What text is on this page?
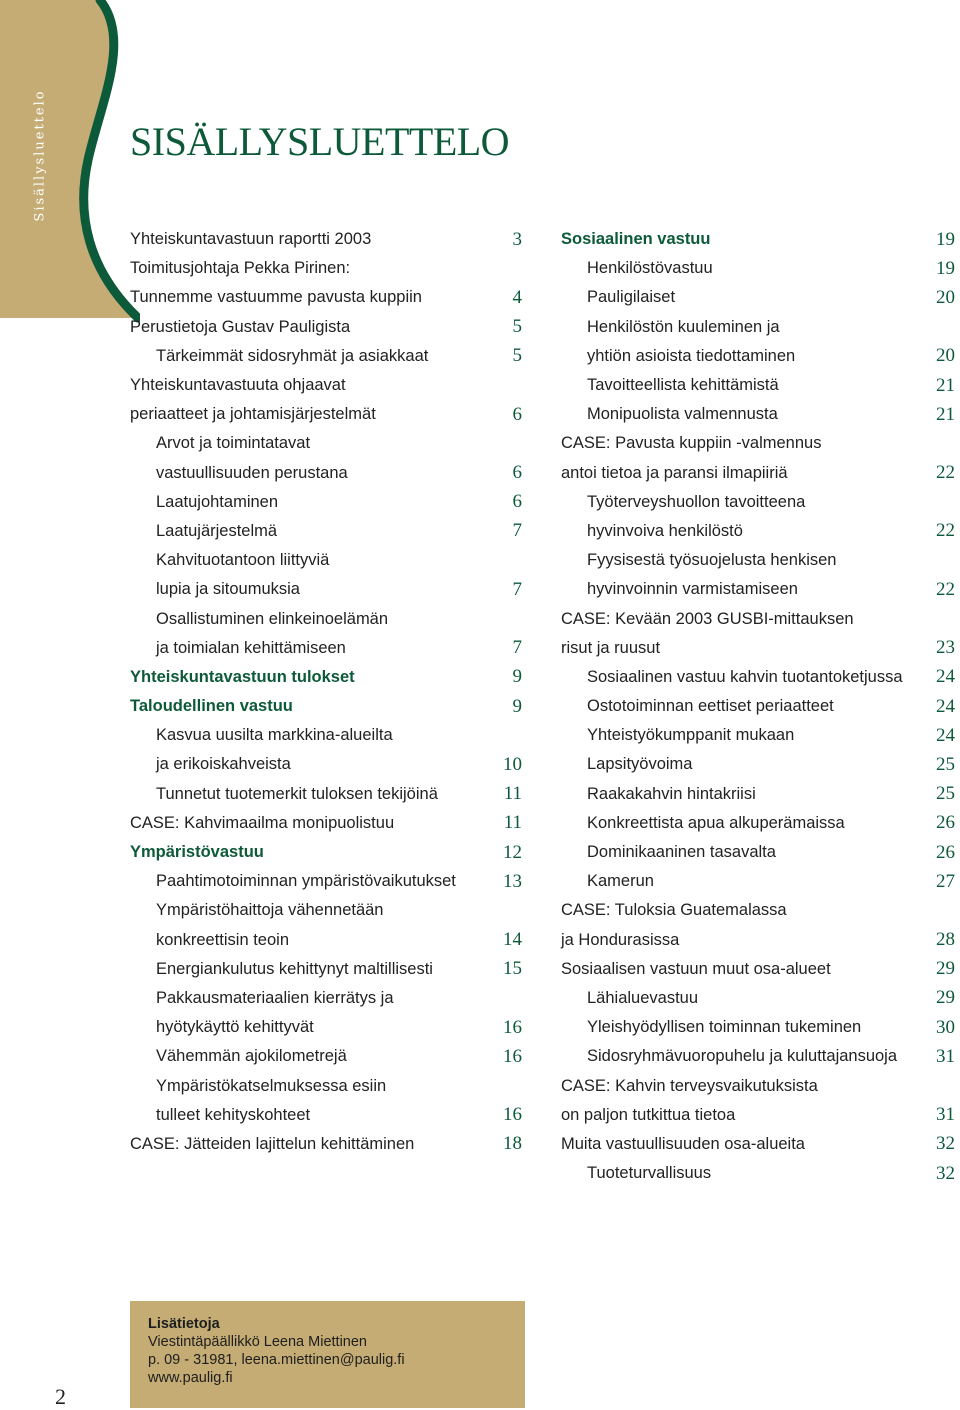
Sisällysluettelo SISÄLLYSLUETTELO
Yhteiskuntavastuun raportti 2003	3
Toimitusjohtaja Pekka Pirinen:
Tunnemme vastuumme pavusta kuppiin	4
Perustietoja Gustav Pauligista	5
Tärkeimmät sidosryhmät ja asiakkaat	5
Yhteiskuntavastuuta ohjaavat
periaatteet ja johtamisjärjestelmät	6
Arvot ja toimintatavat
vastuullisuuden perustana	6
Laatujohtaminen	6
Laatujärjestelmä	7
Kahvituotantoon liittyviä
lupia ja sitoumuksia	7
Osallistuminen elinkeinoelämän
ja toimialan kehittämiseen	7
Yhteiskuntavastuun tulokset	9
Taloudellinen vastuu	9
Kasvua uusilta markkina-alueilta
ja erikoiskahveista	10
Tunnetut tuotemerkit tuloksen tekijöinä	11
CASE: Kahvimaailma monipuolistuu	11
Ympäristövastuu	12
Paahtimotoiminnan ympäristövaikutukset 13
Ympäristöhaittoja vähennetään
konkreettisin teoin	14
Energiankulutus kehittynyt maltillisesti	15
Pakkausmateriaalien kierrätys ja
hyötykäyttö kehittyvät	16
Vähemmän ajokilometrejä	16
Ympäristökatselmuksessa esiin
tulleet kehityskohteet	16
CASE: Jätteiden lajittelun kehittäminen	18
Sosiaalinen vastuu	19
Henkilöstövastuu	19
Pauligilaiset	20
Henkilöstön kuuleminen ja
yhtiön asioista tiedottaminen	20
Tavoitteellista kehittämistä	21
Monipuolista valmennusta	21
CASE: Pavusta kuppiin -valmennus
antoi tietoa ja paransi ilmapiiriä	22
Työterveyshuollon tavoitteena
hyvinvoiva henkilöstö	22
Fyysisestä työsuojelusta henkisen
hyvinvoinnin varmistamiseen	22
CASE: Kevään 2003 GUSBI-mittauksen
risut ja ruusut	23
Sosiaalinen vastuu kahvin tuotantoketjussa 24
Ostotoiminnan eettiset periaatteet	24
Yhteistyökumppanit mukaan	24
Lapsityövoima	25
Raakakahvin hintakriisi	25
Konkreettista apua alkuperämaissa	26
Dominikaaninen tasavalta	26
Kamerun	27
CASE: Tuloksia Guatemalassa
ja Hondurasissa	28
Sosiaalisen vastuun muut osa-alueet	29
Lähialuevastuu	29
Yleishyödyllisen toiminnan tukeminen	30
Sidosryhmävuoropuhelu ja kuluttajansuoja 31
CASE: Kahvin terveysvaikutuksista
on paljon tutkittua tietoa	31
Muita vastuullisuuden osa-alueita	32
Tuoteturvallisuus	32
Lisätietoja
Viestintäpäällikkö Leena Miettinen
p. 09 - 31981, leena.miettinen@paulig.fi
www.paulig.fi
2
